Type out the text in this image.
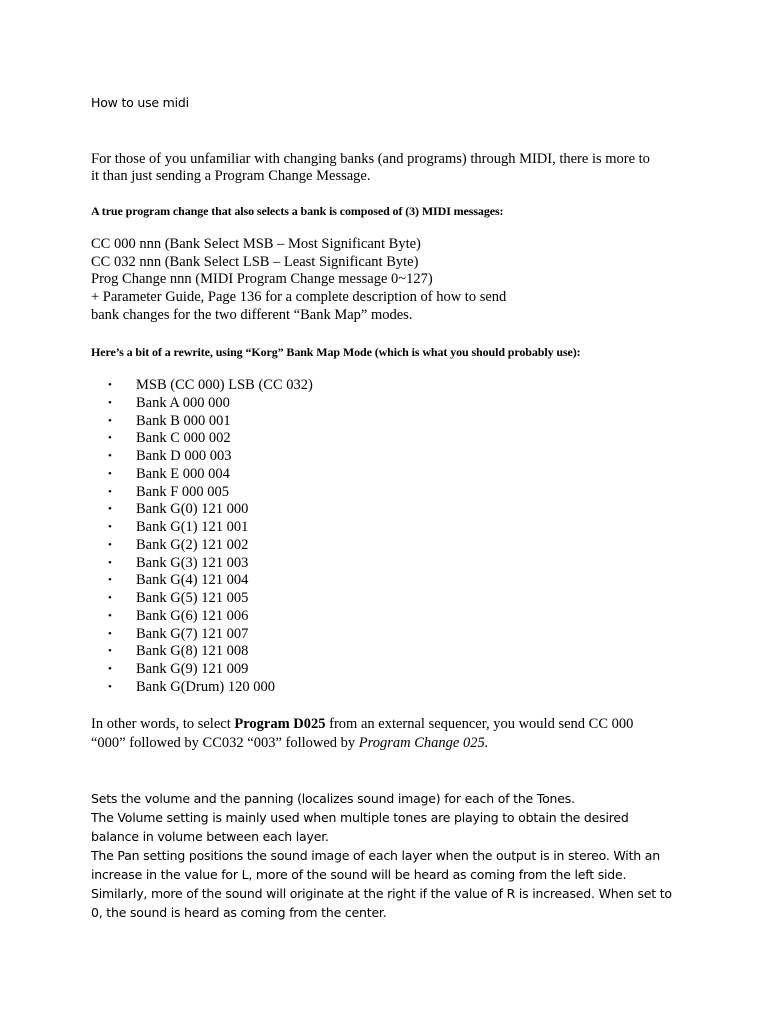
How to use midi
For those of you unfamiliar with changing banks (and programs) through MIDI, there is more to
it than just sending a Program Change Message.
A true program change that also selects a bank is composed of (3) MIDI messages:
CC 000 nnn (Bank Select MSB – Most Significant Byte)
CC 032 nnn (Bank Select LSB – Least Significant Byte)
Prog Change nnn (MIDI Program Change message 0~127)
+ Parameter Guide, Page 136 for a complete description of how to send
bank changes for the two different “Bank Map” modes.
Here’s a bit of a rewrite, using “Korg” Bank Map Mode (which is what you should probably use):
• MSB (CC 000) LSB (CC 032)
• Bank A 000 000
• Bank B 000 001
• Bank C 000 002
• Bank D 000 003
• Bank E 000 004
• Bank F 000 005
• Bank G(0) 121 000
• Bank G(1) 121 001
• Bank G(2) 121 002
• Bank G(3) 121 003
• Bank G(4) 121 004
• Bank G(5) 121 005
• Bank G(6) 121 006
• Bank G(7) 121 007
• Bank G(8) 121 008
• Bank G(9) 121 009
• Bank G(Drum) 120 000
In other words, to select Program D025 from an external sequencer, you would send CC 000
“000” followed by CC032 “003” followed by Program Change 025.
Sets the volume and the panning (localizes sound image) for each of the Tones.
The Volume setting is mainly used when multiple tones are playing to obtain the desired
balance in volume between each layer.
The Pan setting positions the sound image of each layer when the output is in stereo. With an
increase in the value for L, more of the sound will be heard as coming from the left side.
Similarly, more of the sound will originate at the right if the value of R is increased. When set to
0, the sound is heard as coming from the center.
